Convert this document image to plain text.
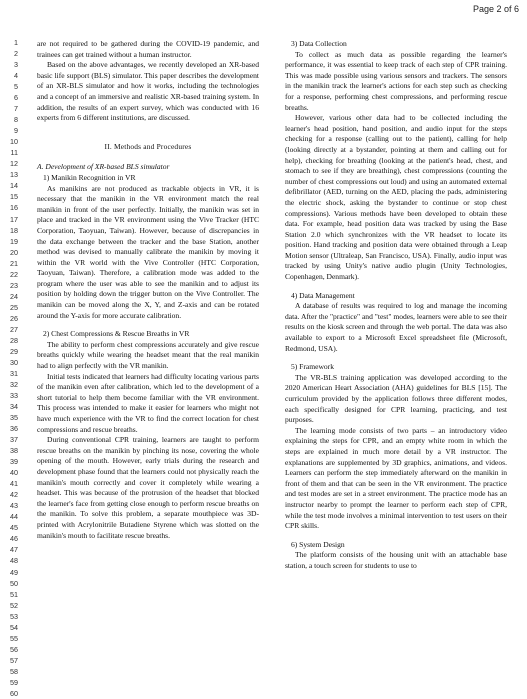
Page 2 of 6
1
2
3
4
5
6
7
8
9
10
11
12
13
14
15
16
17
18
19
20
21
22
23
24
25
26
27
28
29
30
31
32
33
34
35
36
37
38
39
40
41
42
43
44
45
46
47
48
49
50
51
52
53
54
55
56
57
58
59
60

are not required to be gathered during the COVID-19 pandemic, and trainees can get trained without a human instructor.

Based on the above advantages, we recently developed an XR-based basic life support (BLS) simulator. This paper describes the development of an XR-BLS simulator and how it works, including the technologies and a concept of an immersive and realistic XR-based training system. In addition, the results of an expert survey, which was conducted with 16 experts from 6 different institutions, are discussed.

II. Methods and Procedures
A. Development of XR-based BLS simulator
1) Manikin Recognition in VR

As manikins are not produced as trackable objects in VR, it is necessary that the manikin in the VR environment match the real manikin in front of the user perfectly. Initially, the manikin was set in place and tracked in the VR environment using the Vive Tracker (HTC Corporation, Taoyuan, Taiwan). However, because of discrepancies in the data exchange between the tracker and the base Station, another method was devised to manually calibrate the manikin by moving it within the VR world with the Vive Controller (HTC Corporation, Taoyuan, Taiwan). Therefore, a calibration mode was added to the program where the user was able to see the manikin and to adjust its position by holding down the trigger button on the Vive Controller. The manikin can be moved along the X, Y, and Z-axis and can be rotated around the Y-axis for more accurate calibration.

2) Chest Compressions & Rescue Breaths in VR

The ability to perform chest compressions accurately and give rescue breaths quickly while wearing the headset meant that the real manikin had to align perfectly with the VR manikin.

Initial tests indicated that learners had difficulty locating various parts of the manikin even after calibration, which led to the development of a short tutorial to help them become familiar with the VR environment. This process was intended to make it easier for learners who might not have much experience with the VR to find the correct location for chest compressions and rescue breaths.

During conventional CPR training, learners are taught to perform rescue breaths on the manikin by pinching its nose, covering the whole opening of the mouth. However, early trials during the research and development phase found that the learners could not physically reach the manikin's mouth correctly and cover it completely while wearing a headset. This was because of the protrusion of the headset that blocked the learner's face from getting close enough to perform rescue breaths on the manikin. To solve this problem, a separate mouthpiece was 3D-printed with Acrylonitrile Butadiene Styrene which was slotted on the manikin's mouth to facilitate rescue breaths.

3) Data Collection

To collect as much data as possible regarding the learner's performance, it was essential to keep track of each step of CPR training. This was made possible using various sensors and trackers. The sensors in the manikin track the learner's actions for each step such as checking for a response, performing chest compressions, and performing rescue breaths.

However, various other data had to be collected including the learner's head position, hand position, and audio input for the steps checking for a response (calling out to the patient), calling for help (looking directly at a bystander, pointing at them and calling out for help), checking for breathing (looking at the patient's head, chest, and stomach to see if they are breathing), chest compressions (counting the number of chest compressions out loud) and using an automated external defibrillator (AED, turning on the AED, placing the pads, administering the electric shock, asking the bystander to continue or stop chest compressions). Various methods have been developed to obtain these data. For example, head position data was tracked by using the Base Station 2.0 which synchronizes with the VR headset to locate its position. Hand tracking and position data were obtained through a Leap Motion sensor (Ultraleap, San Francisco, USA). Finally, audio input was tracked by using Unity's native audio plugin (Unity Technologies, Copenhagen, Denmark).

4) Data Management

A database of results was required to log and manage the incoming data. After the "practice" and "test" modes, learners were able to see their results on the kiosk screen and through the web portal. The data was also available to export to a Microsoft Excel spreadsheet file (Microsoft, Redmond, USA).

5) Framework

The VR-BLS training application was developed according to the 2020 American Heart Association (AHA) guidelines for BLS [15]. The curriculum provided by the application follows three different modes, each specifically designed for CPR learning, practicing, and test purposes.

The learning mode consists of two parts – an introductory video explaining the steps for CPR, and an empty white room in which the steps are explained in much more detail by a VR instructor. The explanations are supplemented by 3D graphics, animations, and videos. Learners can perform the step immediately afterward on the manikin in front of them and that can be seen in the VR environment. The practice and test modes are set in a street environment. The practice mode has an instructor nearby to prompt the learner to perform each step of CPR, while the test mode involves a minimal intervention to test users on their CPR skills.

6) System Design

The platform consists of the housing unit with an attachable base station, a touch screen for students to use to
